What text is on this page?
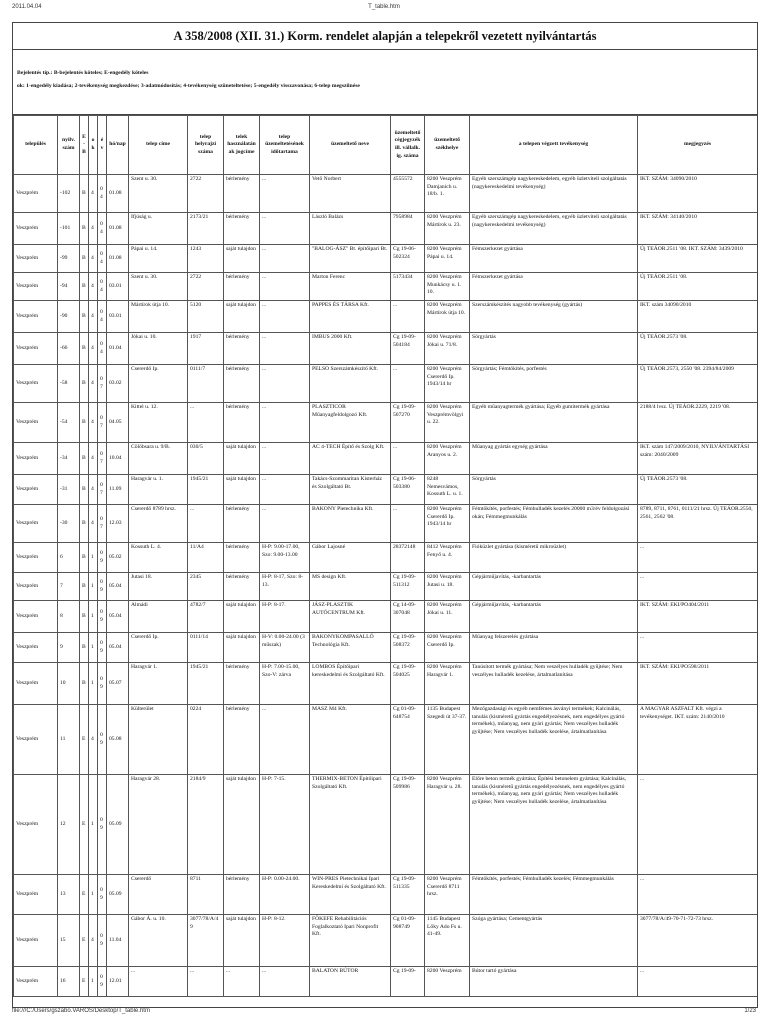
2011.04.04	T_table.htm
A 358/2008 (XII. 31.) Korm. rendelet alapján a telepekről vezetett nyilvántartás
Bejelentés típ.: B-bejelentés köteles; E-engedély köteles
ok: 1-engedély kiadása; 2-tevékenység megkezdése; 3-adatmódosítás; 4-tevékenység szüneteltetése; 5-engedély visszavonása; 6-telep megszűnése
település	nyilv. szám	E-B	ok	év	hó/nap	telep címe	telep helyrajzi száma	telek használatának jogcíme	telep üzemeltetésének időtartama	üzemeltető neve	üzemeltető cégjegyzék ill. vállalk. ig. száma	üzemeltető székhelye	a telepen végzett tevékenység	megjegyzés
Veszprém	-102	B	4	04	01.08	Szent u. 30.	2722	bérlemény	...	Vető Norbert	4555572	8200 Veszprém Damjanich u. 18/b. 1.	Egyéb szerszámgép nagykereskedelem, egyéb üzletviteli szolgáltatás (nagykereskedelmi tevékenység)	IKT. SZÁM: 34090/2010
Veszprém	-101	B	4	04	01.08	Ifjúság u.	2173/21	bérlemény	...	László Balázs	7958984	8200 Veszprém Mártírok u. 23.	Egyéb szerszámgép nagykereskedelem, egyéb üzletviteli szolgáltatás (nagykereskedelmi tevékenység)	IKT. SZÁM: 34140/2010
Veszprém	-99	B	4	04	01.08	Pápai u. 14.	1243	saját tulajdon	...	"BALOG-ÁSZ" Bt. építőipari Bt.	Cg 19-06-502324	8200 Veszprém Pápai u. 14.	Fémszerkezet gyártása	Új TEÁOR.2511 '08. IKT. SZÁM: 3439/2010
Veszprém	-94	B	4	04	03.01	Szent u. 30.	2722	bérlemény	...	Marton Ferenc	5173434	8200 Veszprém Munkácsy u. 1. 10.	Fémszerkezet gyártása	Új TEÁOR.2511 '08.
Veszprém	-90	B	4	04	03.01	Mártírok útja 10.	5120	saját tulajdon	...	PAPPES ÉS TÁRSA Kft.	...	8200 Veszprém Mártírok útja 10.	Szerszámkészítés nagyobb tevékenység (gyártás)	IKT. szám 34090/2010
Veszprém	-66	B	4	04	01.04	Jókai u. 10.	1917	bérlemény	...	IMBUS 2000 Kft.	Cg 19-09-504184	8200 Veszprém Jókai u. 71/8.	Sörgyártás	Új TEÁOR.2573 '08.
Veszprém	-58	B	4	07	03.02	Csererdő Ip.	0111/7	bérlemény	...	PELSO Szerszámkészítő Kft.	...	8200 Veszprém Csererdő Ip. 1943/14 hr	Sörgyártás; Fémtökítés, porfestés	Új TEÁOR.2573, 2550 '08. 2394/84/2009
Veszprém	-54	B	4	07	04.05	Kittel u. 12.	...	bérlemény	...	PLASZTICOR Műanyagfeldolgozó Kft.	Cg 19-09-507270	8200 Veszprém Veszprémvölgyi u. 22.	Egyéb műanyagtermék gyártása; Egyéb gumitermék gyártása	2188/4 lvsz. Új TEÁOR.2229, 2219 '08.
Veszprém	-34	B	4	07	10.04	Cölöbsara u. 9/B.	030/5	saját tulajdon	...	AC 4-TECH Építő és Szolg Kft.	...	8200 Veszprém Aranyos u. 2.	Műanyag gyártás egység gyártása	IKT. szám 147/2009/2010, NYILVÁNTARTÁSI szám: 2040/2009
Veszprém	-31	B	4	07	11.09	Haragvár u. 1.	1945/21	saját tulajdon	...	Takács-Szommaritan Kisterház és Szolgáltató Bt.	Cg 19-06-503380	8248 Nemesvámos, Kossuth L. u. 1.	Sörgyártás	Új TEÁOR.2573 '08.
Veszprém	-30	B	4	07	12.03	Csererdő 8789 hrsz.	...	bérlemény	...	BAKONY Pietechnika Kft.	...	8200 Veszprém Csererdő Ip. 1943/14 hr	Fémtökítés, porfestés; Fémhulladék kezelés 20000 m3/év feldolgozási okán; Fémmegmunkálás	8789, 8711, 8761, 0111/21 hrsz. Új TEÁOR.2550, 2561, 2562 '08.
Veszprém	6	B	1	09	05.02	Kossuth L. 4.	11/A4	bérlemény	H-P: 9.00-17.00, Szo: 9.00-13.00	Gábor Lajosné	28372148	8412 Veszprém Fenyő u. 4.	Fióküzlet gyártása (kisméretű mikroüzlet)	...
Veszprém	7	B	1	09	05.04	Jutasi 18.	2345	bérlemény	H-P: 8-17, Szo: 8-13.	MS design Kft.	Cg 19-09-511312	8200 Veszprém Jutasi u. 18.	Gépjárműjavítás, -karbantartás	...
Veszprém	8	B	1	09	05.04	Almádi	4782/7	saját tulajdon	H-P: 8-17.	JÁSZ-PLASZTIK AUTÓCENTRUM Kft.	Cg 14-09-307048	8200 Veszprém Jókai u. 11.	Gépjárműjavítás, -karbantartás	IKT. SZÁM: EKI/PO404/2011
Veszprém	9	B	1	09	05.04	Csererdő Ip.	0111/14	saját tulajdon	H-V: 0.00-24.00 (3 műszak)	BAKONYKOMPASALLÓ Technológia Kft.	Cg 19-09-508372	8200 Veszprém Csererdő Ip.	Műanyag felszerelés gyártása	...
Veszprém	10	B	1	09	05.07	Haragvár 1.	1945/21	bérlemény	H-P: 7.00-15.00, Szo-V: zárva	LOMBOS Építőipari kereskedelmi és Szolgáltató Kft.	Cg 19-09-504025	8200 Veszprém Haragvár 1.	Tanúsított termék gyártása; Nem veszélyes hulladék gyűjtése; Nem veszélyes hulladék kezelése, ártalmatlanítása	IKT. SZÁM: EKI/PO598/2011
Veszprém	11	E	4	09	05.08	Külterület	0224	bérlemény	...	MASZ M4 Kft.	Cg 01-09-648754	1135 Budapest Szegedi út 37-37.	Mezőgazdasági és egyéb nemfémes ásványi termékek; Kalcinálás, tanulás (kisméretű gyártás engedélyezésnek, nem engedélyes gyártó termékek), műanyag, nem gyári gyártás; Nem veszélyes hulladék gyűjtése; Nem veszélyes hulladék kezelése, ártalmatlanítása	A MAGYAR ASZFALT Kft. végzi a tevékenységet. IKT. szám: 2140/2010
Veszprém	12	E	1	09	05.09	Haragvár 28.	2184/9	saját tulajdon	H-P: 7-15.	THERMIX-BETON Építőipari Szolgáltató Kft.	Cg 19-09-509986	8200 Veszprém Haragvár u. 28.	Előre beton termék gyártása; Építési betonelem gyártása; Kalcinálás, tanulás (kisméretű gyártás engedélyezésnek, nem engedélyes gyártó termékek), műanyag, nem gyári gyártás; Nem veszélyes hulladék gyűjtése; Nem veszélyes hulladék kezelése, ártalmatlanítása	...
Veszprém	13	E	1	09	05.09	Csererdő	8711	bérlemény	H-P: 0.00-24.00.	WIN-PRES Pietechnikai Ipari Kereskedelmi és Szolgáltató Kft.	Cg 19-09-511335	8200 Veszprém Csererdő 8711 hrsz.	Fémtökítés, porfestés; Fémhulladék kezelés; Fémmegmunkálás	...
Veszprém	15	E	4	09	11.04	Gábor Á. u. 10.	3077/78/A/49	saját tulajdon	H-P: 8-12.	FÖKEFE Rehabilitációs Foglalkoztató Ipari Nonprofit Kft.	Cg 01-09-908749	1145 Budapest Lőky Ado Fs u. 41-49.	Szóga gyártása; Cementgyártás	3077/78/A/49-70-71-72-73 hrsz.
Veszprém	16	E	1	09	12.01	...	...	...	...	BALATON BÚTOR	Cg 19-09-	8200 Veszprém	Bútor tartó gyártása	...
file:///C:/Users/gszabo.VAROS/Desktop/T_table.htm	1/23
